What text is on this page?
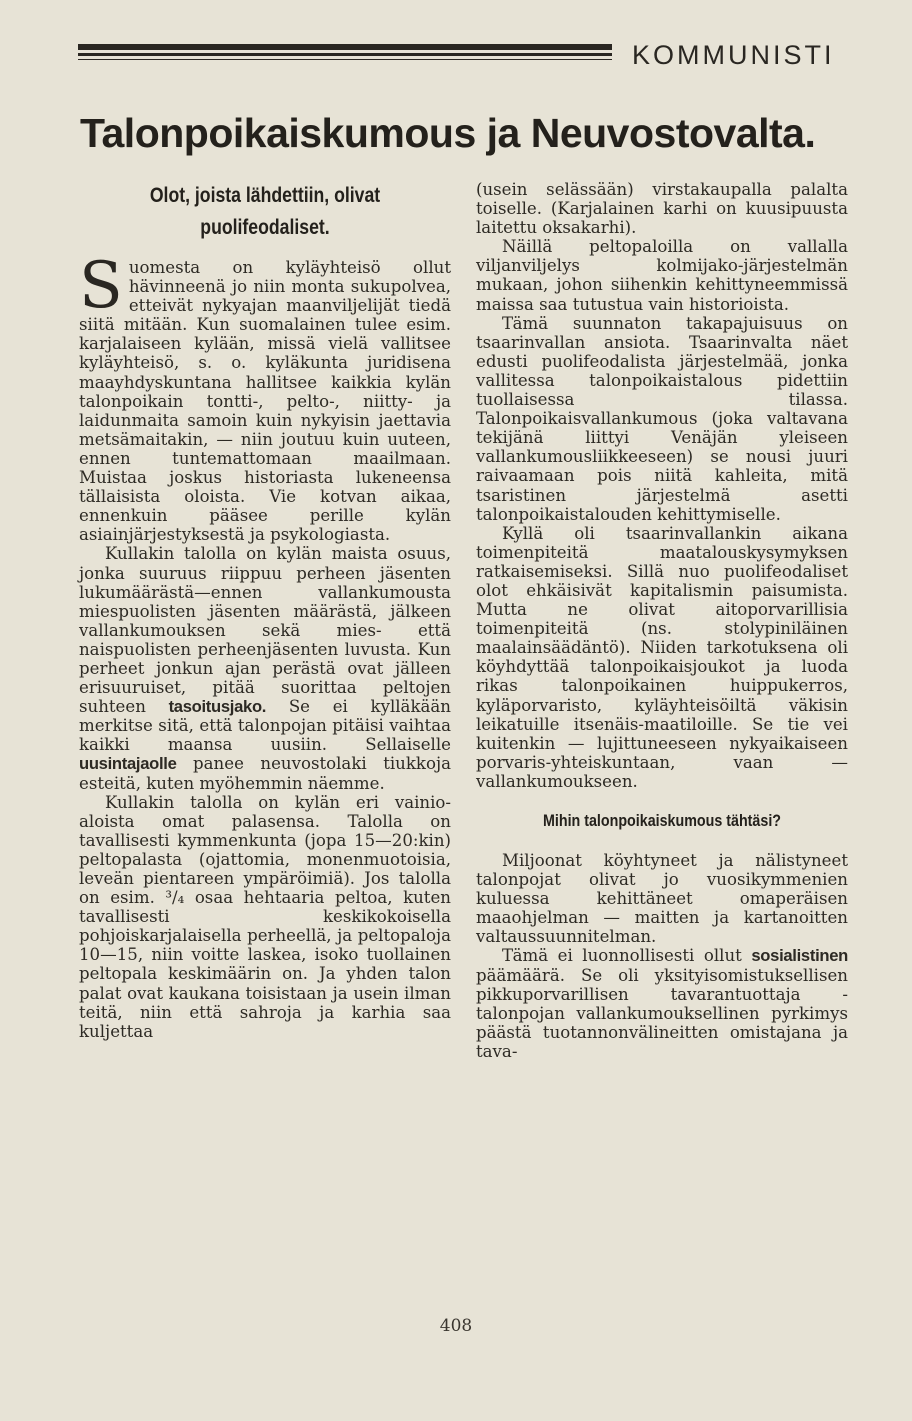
KOMMUNISTI
Talonpoikaiskumous ja Neuvostovalta.
Olot, joista lähdettiin, olivat puolifeodaliset.

Suomesta on kyläyhteisö ollut hävinneenä jo niin monta sukupolvea, etteivät nykyajan maanviljelijät tiedä siitä mitään. Kun suomalainen tulee esim. karjalaiseen kylään, missä vielä vallitsee kyläyhteisö, s. o. kyläkunta juridisena maayhdyskuntana hallitsee kaikkia kylän talonpoikain tontti-, pelto-, niitty- ja laidunmaita samoin kuin nykyisin jaettavia metsämaitakin, — niin joutuu kuin uuteen, ennen tuntemattomaan maailmaan. Muistaa joskus historiasta lukeneensa tällaisista oloista. Vie kotvan aikaa, ennenkuin pääsee perille kylän asiainjärjestyksestä ja psykologiasta.

Kullakin talolla on kylän maista osuus, jonka suuruus riippuu perheen jäsenten lukumäärästä—ennen vallankumousta miespuolisten jäsenten määrästä, jälkeen vallankumouksen sekä mies- että naispuolisten perheenjäsenten luvusta. Kun perheet jonkun ajan perästä ovat jälleen erisuuruiset, pitää suorittaa peltojen suhteen tasoitusjako. Se ei kylläkään merkitse sitä, että talonpojan pitäisi vaihtaa kaikki maansa uusiin. Sellaiselle uusintajaolle panee neuvostolaki tiukkoja esteitä, kuten myöhemmin näemme.

Kullakin talolla on kylän eri vainio-aloista omat palasensa. Talolla on tavallisesti kymmenkunta (jopa 15—20:kin) peltopalasta (ojattomia, monenmuotoisia, leveän pientareen ympäröimiä). Jos talolla on esim. ³/₄ osaa hehtaaria peltoa, kuten tavallisesti keskikokoisella pohjoiskarjalaisella perheellä, ja peltopaloja 10—15, niin voitte laskea, isoko tuollainen peltopala keskimäärin on. Ja yhden talon palat ovat kaukana toisistaan ja usein ilman teitä, niin että sahroja ja karhia saa kuljettaa

(usein selässään) virstakaupalla palalta toiselle. (Karjalainen karhi on kuusipuusta laitettu oksakarhi).

Näillä peltopaloilla on vallalla viljanviljelys kolmijako-järjestelmän mukaan, johon siihenkin kehittyneemmissä maissa saa tutustua vain historioista.

Tämä suunnaton takapajuisuus on tsaarinvallan ansiota. Tsaarinvalta näet edusti puolifeodalista järjestelmää, jonka vallitessa talonpoikaistalous pidettiin tuollaisessa tilassa. Talonpoikaisvallankumous (joka valtavana tekijänä liittyi Venäjän yleiseen vallankumousliikkeeseen) se nousi juuri raivaamaan pois niitä kahleita, mitä tsaristinen järjestelmä asetti talonpoikaistalouden kehittymiselle.

Kyllä oli tsaarinvallankin aikana toimenpiteitä maatalouskysymyksen ratkaisemiseksi. Sillä nuo puolifeodaliset olot ehkäisivät kapitalismin paisumista. Mutta ne olivat aitoporvarillisia toimenpiteitä (ns. stolypiniläinen maalainsäädäntö). Niiden tarkotuksena oli köyhdyttää talonpoikaisjoukot ja luoda rikas talonpoikainen huippukerros, kyläporvaristo, kyläyhteisöiltä väkisin leikatuille itsenäis-maatiloille. Se tie vei kuitenkin — lujittuneeseen nykyaikaiseen porvaris-yhteiskuntaan, vaan —vallankumoukseen.

Mihin talonpoikaiskumous tähtäsi?

Miljoonat köyhtyneet ja nälistyneet talonpojat olivat jo vuosikymmenien kuluessa kehittäneet omaperäisen maaohjelman — maitten ja kartanoitten valtaussuunnitelman.

Tämä ei luonnollisesti ollut sosialistinen päämäärä. Se oli yksityisomistuksellisen pikkuporvarillisen tavarantuottaja - talonpojan vallankumouksellinen pyrkimys päästä tuotannonvälineitten omistajana ja tava-

408
